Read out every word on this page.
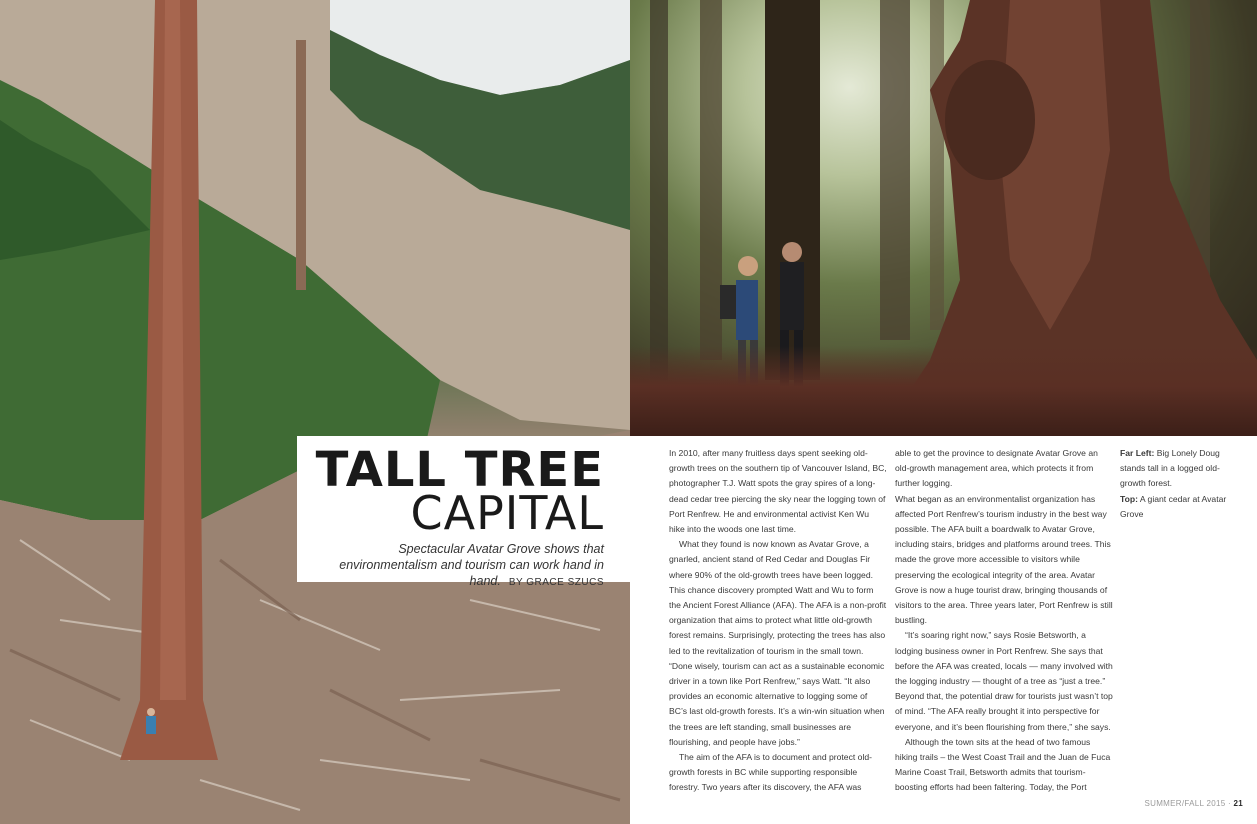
TALL TREE
CAPITAL
Spectacular Avatar Grove shows that environmentalism and tourism can work hand in hand. BY GRACE SZUCS

In 2010, after many fruitless days spent seeking old-growth trees on the southern tip of Vancouver Island, BC, photographer T.J. Watt spots the gray spires of a long-dead cedar tree piercing the sky near the logging town of Port Renfrew. He and environmental activist Ken Wu hike into the woods one last time.

What they found is now known as Avatar Grove, a gnarled, ancient stand of Red Cedar and Douglas Fir where 90% of the old-growth trees have been logged. This chance discovery prompted Watt and Wu to form the Ancient Forest Alliance (AFA). The AFA is a non-profit organization that aims to protect what little old-growth forest remains. Surprisingly, protecting the trees has also led to the revitalization of tourism in the small town. “Done wisely, tourism can act as a sustainable economic driver in a town like Port Renfrew,” says Watt. “It also provides an economic alternative to logging some of BC’s last old-growth forests. It’s a win-win situation when the trees are left standing, small businesses are flourishing, and people have jobs.”

The aim of the AFA is to document and protect old-growth forests in BC while supporting responsible forestry. Two years after its discovery, the AFA was

able to get the province to designate Avatar Grove an old-growth management area, which protects it from further logging.

What began as an environmentalist organization has affected Port Renfrew’s tourism industry in the best way possible. The AFA built a boardwalk to Avatar Grove, including stairs, bridges and platforms around trees. This made the grove more accessible to visitors while preserving the ecological integrity of the area. Avatar Grove is now a huge tourist draw, bringing thousands of visitors to the area. Three years later, Port Renfrew is still bustling.

“It’s soaring right now,” says Rosie Betsworth, a lodging business owner in Port Renfrew. She says that before the AFA was created, locals — many involved with the logging industry — thought of a tree as “just a tree.” Beyond that, the potential draw for tourists just wasn’t top of mind. “The AFA really brought it into perspective for everyone, and it’s been flourishing from there,” she says.

Although the town sits at the head of two famous hiking trails – the West Coast Trail and the Juan de Fuca Marine Coast Trail, Betsworth admits that tourism-boosting efforts had been faltering. Today, the Port

Far Left: Big Lonely Doug stands tall in a logged old-growth forest.
Top: A giant cedar at Avatar Grove
SUMMER/FALL 2015 · 21
